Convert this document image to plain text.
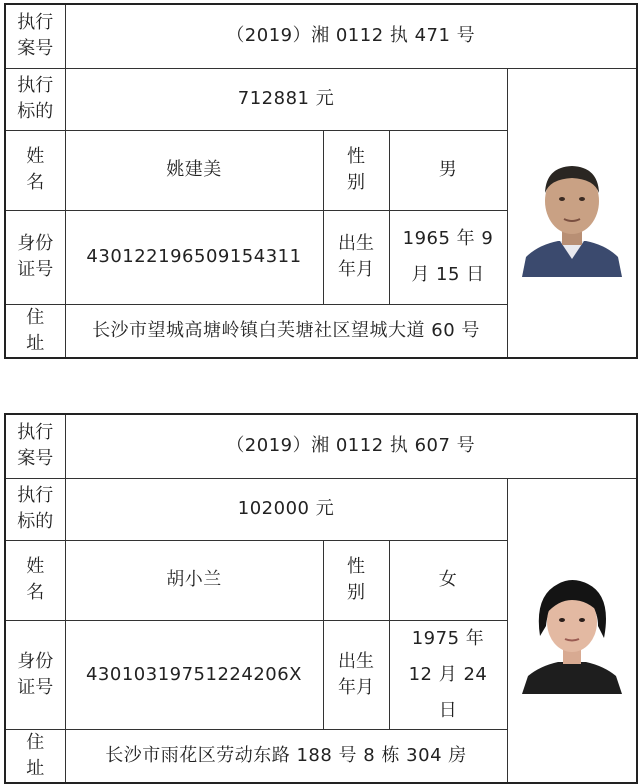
执行案号	（2019）湘 0112 执 471 号			
执行标的	712881 元	

姓名	姚建美	性别	男	
身份证号	430122196509154311	出生年月	1965 年 9 月 15 日	
住址	长沙市望城高塘岭镇白芙塘社区望城大道 60 号			
执行案号	（2019）湘 0112 执 607 号			
执行标的	102000 元	

姓名	胡小兰	性别	女	
身份证号	43010319751224206X	出生年月	1975 年 12 月 24 日	
住址	长沙市雨花区劳动东路 188 号 8 栋 304 房			
